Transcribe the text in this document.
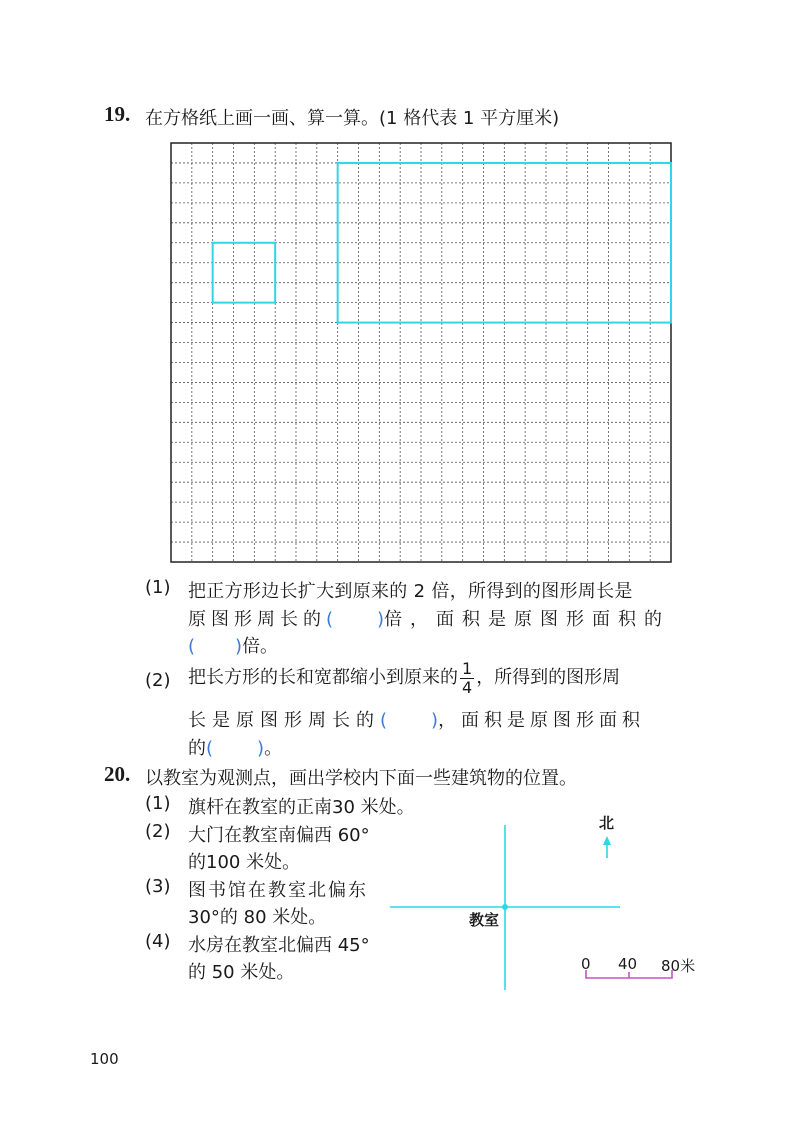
19. 在方格纸上画一画、算一算。(1 格代表 1 平方厘米)
(1) 把正方形边长扩大到原来的 2 倍，所得到的图形周长是
原图形周长的( )倍，面积是原图形面积的
( )倍。
(2) 把长方形的长和宽都缩小到原来的 $\frac{1}{4}$ ，所得到的图形周
长是原图形周长的( )，面积是原图形面积
的( )。
20. 以教室为观测点，画出学校内下面一些建筑物的位置。
(1) 旗杆在教室的正南30 米处。
(2) 大门在教室南偏西 60°
的100 米处。
(3) 图书馆在教室北偏东
30°的 80 米处。
(4) 水房在教室北偏西 45°
的 50 米处。
北
教室
0 40 80米
100
